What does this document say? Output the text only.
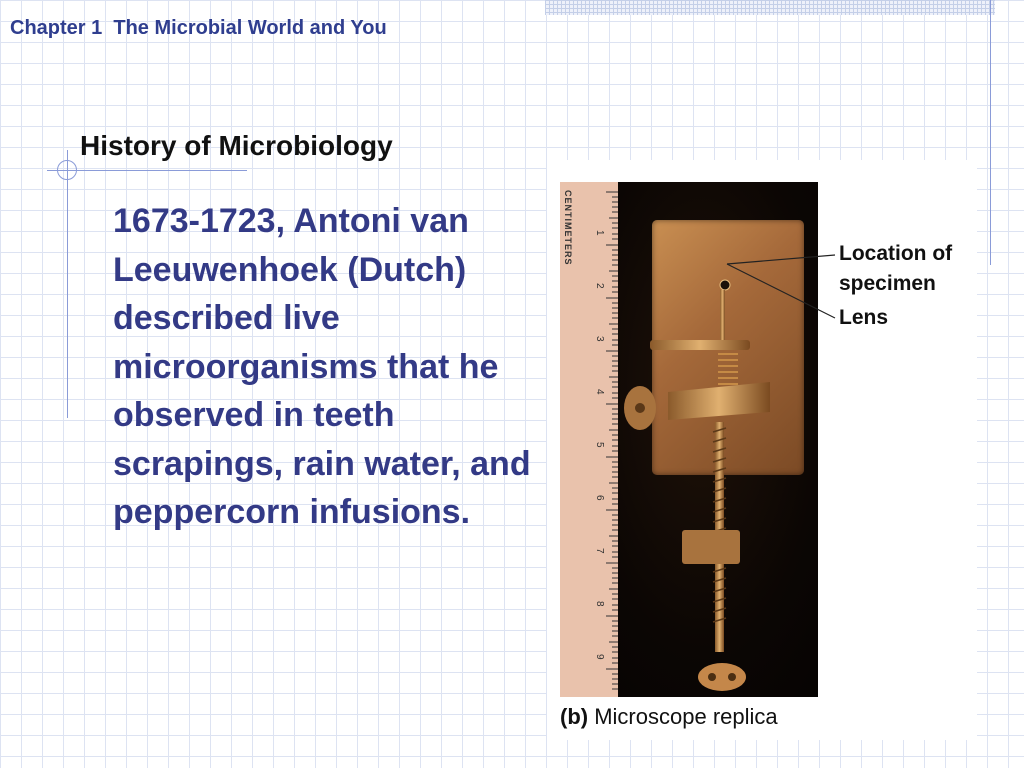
Chapter 1  The Microbial World and You
History of Microbiology
1673-1723, Antoni van Leeuwenhoek (Dutch) described live microorganisms that he observed in teeth scrapings, rain water, and peppercorn infusions.
CENTIMETERS 1
2
3
4
5
6
7
8
9
Location of
specimen
Lens
(b) Microscope replica
